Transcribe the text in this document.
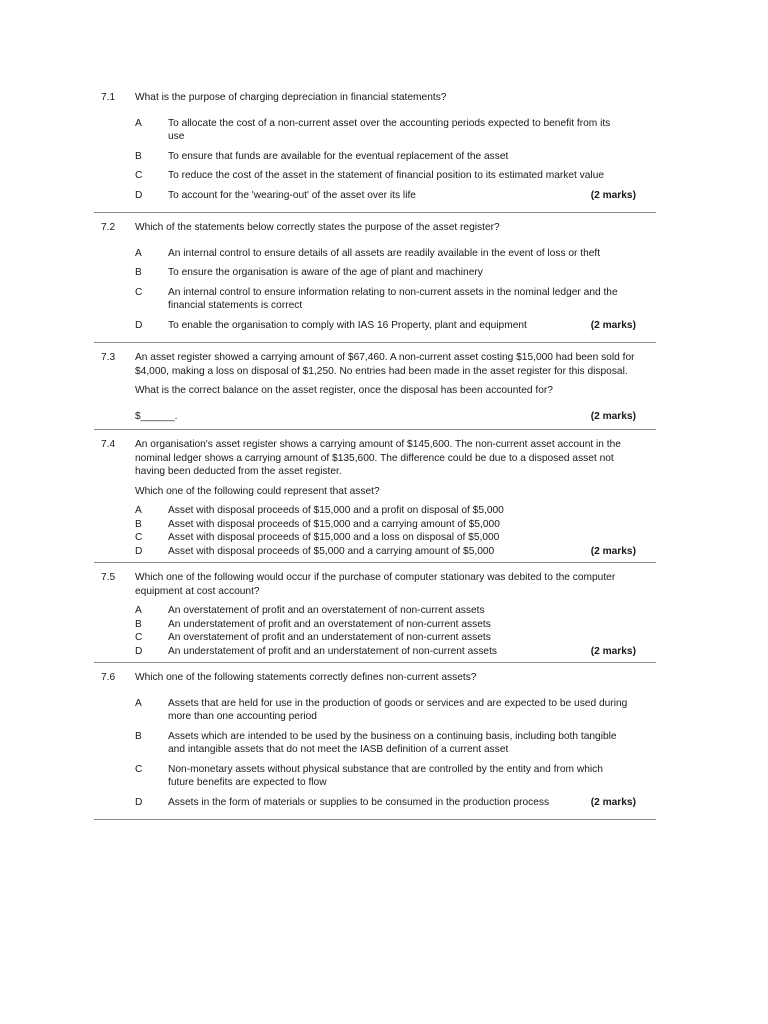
7.1	What is the purpose of charging depreciation in financial statements?

A	To allocate the cost of a non-current asset over the accounting periods expected to benefit from its use
B	To ensure that funds are available for the eventual replacement of the asset
C	To reduce the cost of the asset in the statement of financial position to its estimated market value
D	To account for the 'wearing-out' of the asset over its life	(2 marks)
7.2	Which of the statements below correctly states the purpose of the asset register?

A	An internal control to ensure details of all assets are readily available in the event of loss or theft
B	To ensure the organisation is aware of the age of plant and machinery
C	An internal control to ensure information relating to non-current assets in the nominal ledger and the financial statements is correct
D	To enable the organisation to comply with IAS 16 Property, plant and equipment	(2 marks)
7.3	An asset register showed a carrying amount of $67,460. A non-current asset costing $15,000 had been sold for $4,000, making a loss on disposal of $1,250. No entries had been made in the asset register for this disposal.

What is the correct balance on the asset register, once the disposal has been accounted for?

$______.	(2 marks)
7.4	An organisation's asset register shows a carrying amount of $145,600. The non-current asset account in the nominal ledger shows a carrying amount of $135,600. The difference could be due to a disposed asset not having been deducted from the asset register.

Which one of the following could represent that asset?

A	Asset with disposal proceeds of $15,000 and a profit on disposal of $5,000
B	Asset with disposal proceeds of $15,000 and a carrying amount of $5,000
C	Asset with disposal proceeds of $15,000 and a loss on disposal of $5,000
D	Asset with disposal proceeds of $5,000 and a carrying amount of $5,000	(2 marks)
7.5	Which one of the following would occur if the purchase of computer stationary was debited to the computer equipment at cost account?

A	An overstatement of profit and an overstatement of non-current assets
B	An understatement of profit and an overstatement of non-current assets
C	An overstatement of profit and an understatement of non-current assets
D	An understatement of profit and an understatement of non-current assets	(2 marks)
7.6	Which one of the following statements correctly defines non-current assets?

A	Assets that are held for use in the production of goods or services and are expected to be used during more than one accounting period
B	Assets which are intended to be used by the business on a continuing basis, including both tangible and intangible assets that do not meet the IASB definition of a current asset
C	Non-monetary assets without physical substance that are controlled by the entity and from which future benefits are expected to flow
D	Assets in the form of materials or supplies to be consumed in the production process	(2 marks)
